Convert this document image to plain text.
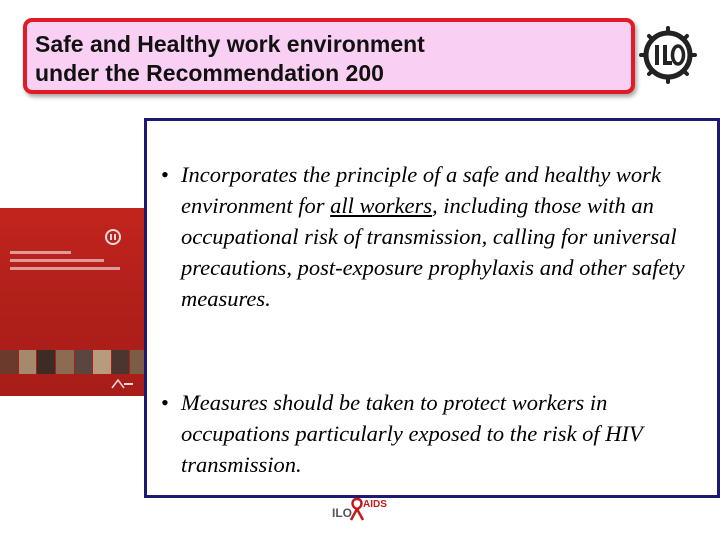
Safe and Healthy work environment
under the Recommendation 200
• Incorporates the principle of a safe and healthy work environment for all workers, including those with an occupational risk of transmission, calling for universal precautions, post-exposure prophylaxis and other safety measures.
• Measures should be taken to protect workers in occupations particularly exposed to the risk of HIV transmission.
ILO
AIDS
